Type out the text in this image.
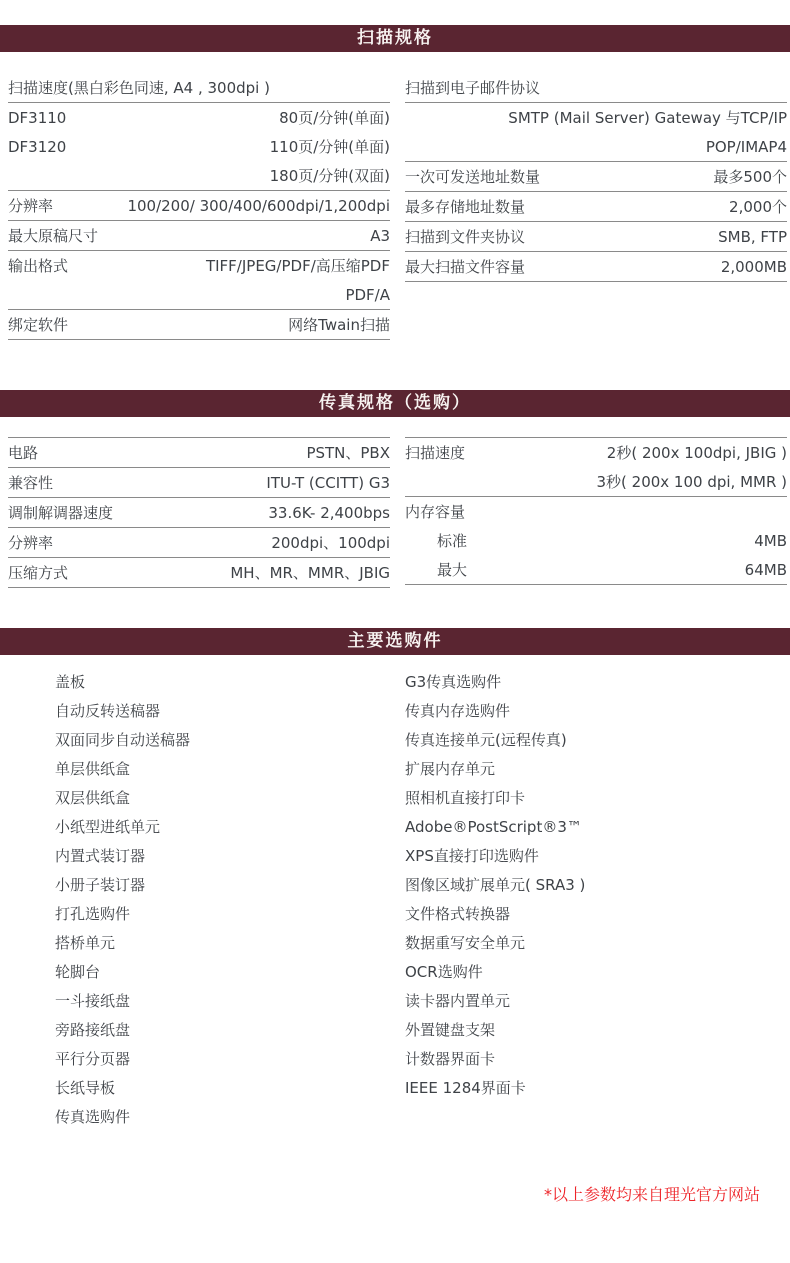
扫描规格
扫描速度(黑白彩色同速, A4 , 300dpi )
DF3110	80页/分钟(单面)
DF3120	110页/分钟(单面)
180页/分钟(双面)
分辨率	100/200/ 300/400/600dpi/1,200dpi
最大原稿尺寸	A3
输出格式	TIFF/JPEG/PDF/高压缩PDF
PDF/A
绑定软件	网络Twain扫描
扫描到电子邮件协议
SMTP (Mail Server) Gateway 与TCP/IP
POP/IMAP4
一次可发送地址数量	最多500个
最多存储地址数量	2,000个
扫描到文件夹协议	SMB, FTP
最大扫描文件容量	2,000MB
传真规格（选购）
电路	PSTN、PBX
兼容性	ITU-T (CCITT) G3
调制解调器速度	33.6K- 2,400bps
分辨率	200dpi、100dpi
压缩方式	MH、MR、MMR、JBIG
扫描速度	2秒( 200x 100dpi, JBIG )
3秒( 200x 100 dpi, MMR )
内存容量
标准	4MB
最大	64MB
主要选购件
盖板
自动反转送稿器
双面同步自动送稿器
单层供纸盒
双层供纸盒
小纸型进纸单元
内置式装订器
小册子装订器
打孔选购件
搭桥单元
轮脚台
一斗接纸盘
旁路接纸盘
平行分页器
长纸导板
传真选购件
G3传真选购件
传真内存选购件
传真连接单元(远程传真)
扩展内存单元
照相机直接打印卡
Adobe®PostScript®3™
XPS直接打印选购件
图像区域扩展单元( SRA3 )
文件格式转换器
数据重写安全单元
OCR选购件
读卡器内置单元
外置键盘支架
计数器界面卡
IEEE 1284界面卡
*以上参数均来自理光官方网站
